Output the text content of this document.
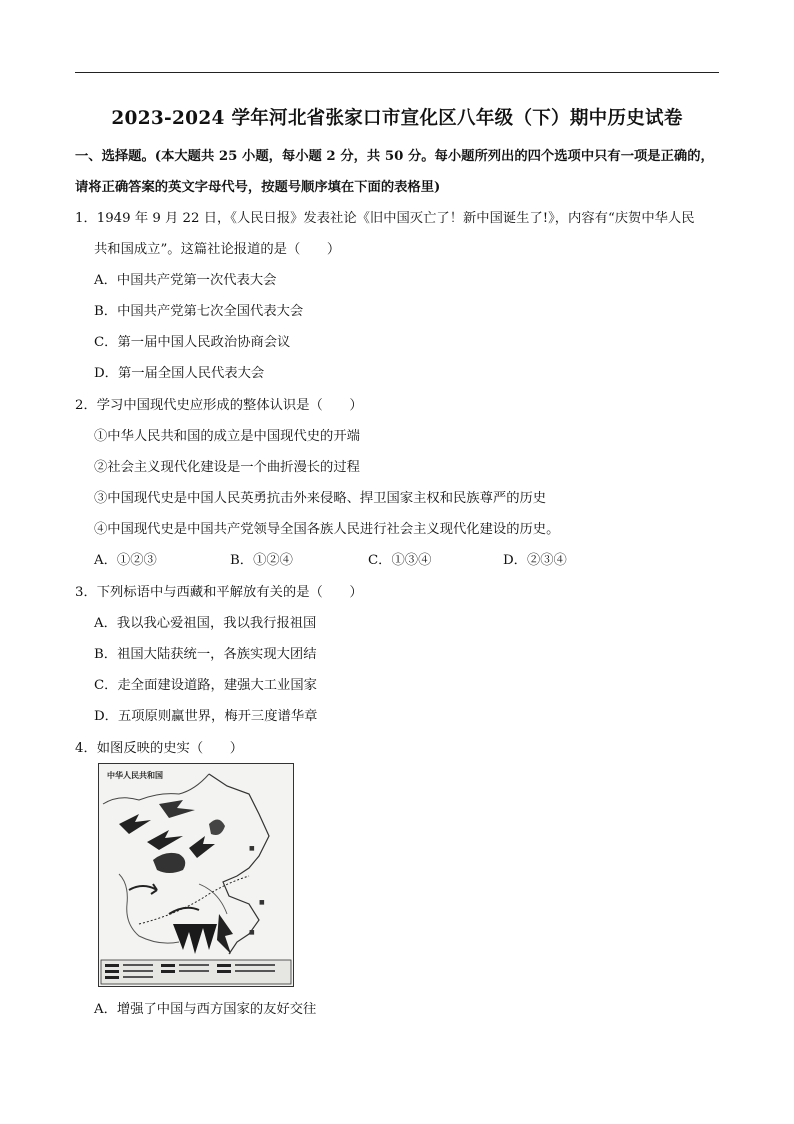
2023-2024 学年河北省张家口市宣化区八年级（下）期中历史试卷
一、选择题。(本大题共 25 小题，每小题 2 分，共 50 分。每小题所列出的四个选项中只有一项是正确的，
请将正确答案的英文字母代号，按题号顺序填在下面的表格里)
1．1949 年 9 月 22 日，《人民日报》发表社论《旧中国灭亡了！新中国诞生了!》，内容有“庆贺中华人民
共和国成立”。这篇社论报道的是（　　）
A．中国共产党第一次代表大会
B．中国共产党第七次全国代表大会
C．第一届中国人民政治协商会议
D．第一届全国人民代表大会
2．学习中国现代史应形成的整体认识是（　　）
①中华人民共和国的成立是中国现代史的开端
②社会主义现代化建设是一个曲折漫长的过程
③中国现代史是中国人民英勇抗击外来侵略、捍卫国家主权和民族尊严的历史
④中国现代史是中国共产党领导全国各族人民进行社会主义现代化建设的历史。
A．①②③	B．①②④	C．①③④	D．②③④
3．下列标语中与西藏和平解放有关的是（　　）
A．我以我心爱祖国，我以我行报祖国
B．祖国大陆获统一，各族实现大团结
C．走全面建设道路，建强大工业国家
D．五项原则赢世界，梅开三度谱华章
4．如图反映的史实（　　）
中华人民共和国
■
■
■
A．增强了中国与西方国家的友好交往
